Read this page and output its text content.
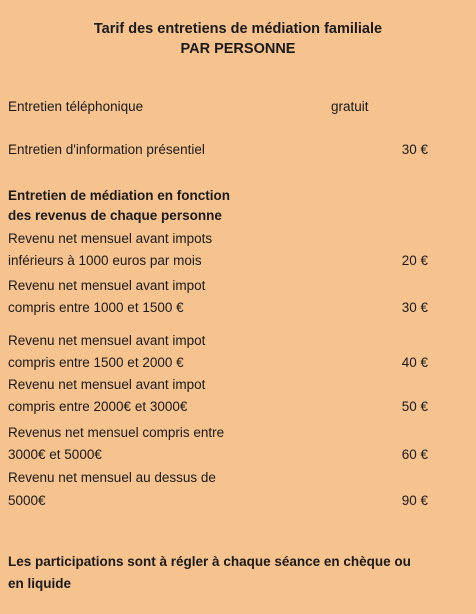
Tarif des entretiens de médiation familiale
PAR PERSONNE
Entretien téléphonique	gratuit
Entretien d'information présentiel	30 €
Entretien de médiation en fonction
des revenus de chaque personne
Revenu net mensuel avant impots
inférieurs à 1000 euros par mois	20 €
Revenu net mensuel avant impot
compris entre 1000 et 1500 €	30 €
Revenu net mensuel avant impot
compris entre 1500 et 2000 €	40 €
Revenu net mensuel avant impot
compris entre 2000€ et 3000€	50 €
Revenus net mensuel compris entre
3000€ et 5000€	60 €
Revenu net mensuel au dessus de
5000€	90 €
Les participations sont à régler à chaque séance en chèque ou
en liquide
